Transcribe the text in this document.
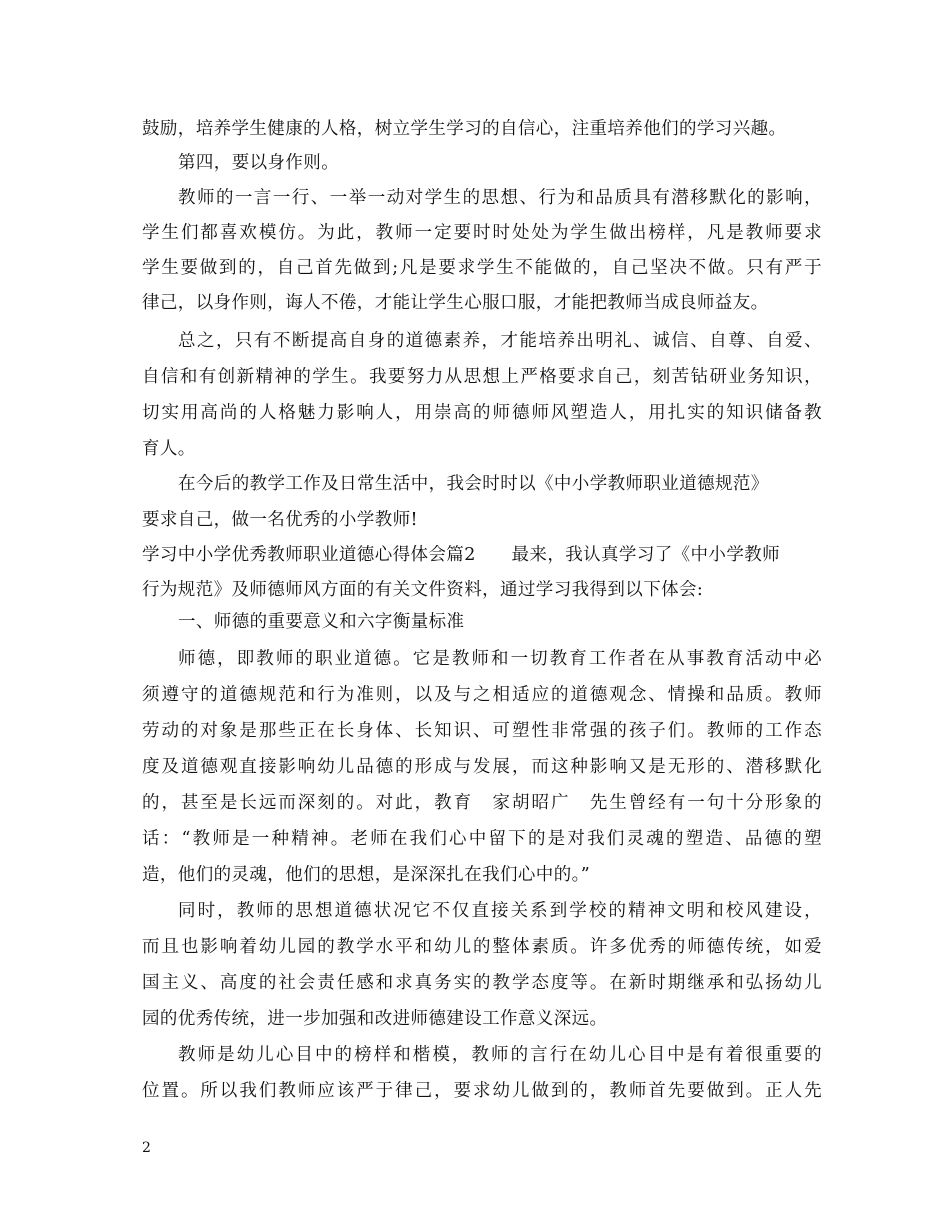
鼓励，培养学生健康的人格，树立学生学习的自信心，注重培养他们的学习兴趣。
第四，要以身作则。
教师的一言一行、一举一动对学生的思想、行为和品质具有潜移默化的影响，
学生们都喜欢模仿。为此，教师一定要时时处处为学生做出榜样，凡是教师要求
学生要做到的，自己首先做到;凡是要求学生不能做的，自己坚决不做。只有严于
律己，以身作则，诲人不倦，才能让学生心服口服，才能把教师当成良师益友。
总之，只有不断提高自身的道德素养，才能培养出明礼、诚信、自尊、自爱、
自信和有创新精神的学生。我要努力从思想上严格要求自己，刻苦钻研业务知识，
切实用高尚的人格魅力影响人，用崇高的师德师风塑造人，用扎实的知识储备教
育人。
在今后的教学工作及日常生活中，我会时时以《中小学教师职业道德规范》
要求自己，做一名优秀的小学教师!
学习中小学优秀教师职业道德心得体会篇2　　最来，我认真学习了《中小学教师
行为规范》及师德师风方面的有关文件资料，通过学习我得到以下体会:
一、师德的重要意义和六字衡量标准
师德，即教师的职业道德。它是教师和一切教育工作者在从事教育活动中必
须遵守的道德规范和行为准则，以及与之相适应的道德观念、情操和品质。教师
劳动的对象是那些正在长身体、长知识、可塑性非常强的孩子们。教师的工作态
度及道德观直接影响幼儿品德的形成与发展，而这种影响又是无形的、潜移默化
的，甚至是长远而深刻的。对此，教育　家胡昭广　先生曾经有一句十分形象的
话：“教师是一种精神。老师在我们心中留下的是对我们灵魂的塑造、品德的塑
造，他们的灵魂，他们的思想，是深深扎在我们心中的。”
同时，教师的思想道德状况它不仅直接关系到学校的精神文明和校风建设，
而且也影响着幼儿园的教学水平和幼儿的整体素质。许多优秀的师德传统，如爱
国主义、高度的社会责任感和求真务实的教学态度等。在新时期继承和弘扬幼儿
园的优秀传统，进一步加强和改进师德建设工作意义深远。
教师是幼儿心目中的榜样和楷模，教师的言行在幼儿心目中是有着很重要的
位置。所以我们教师应该严于律己，要求幼儿做到的，教师首先要做到。正人先
2
